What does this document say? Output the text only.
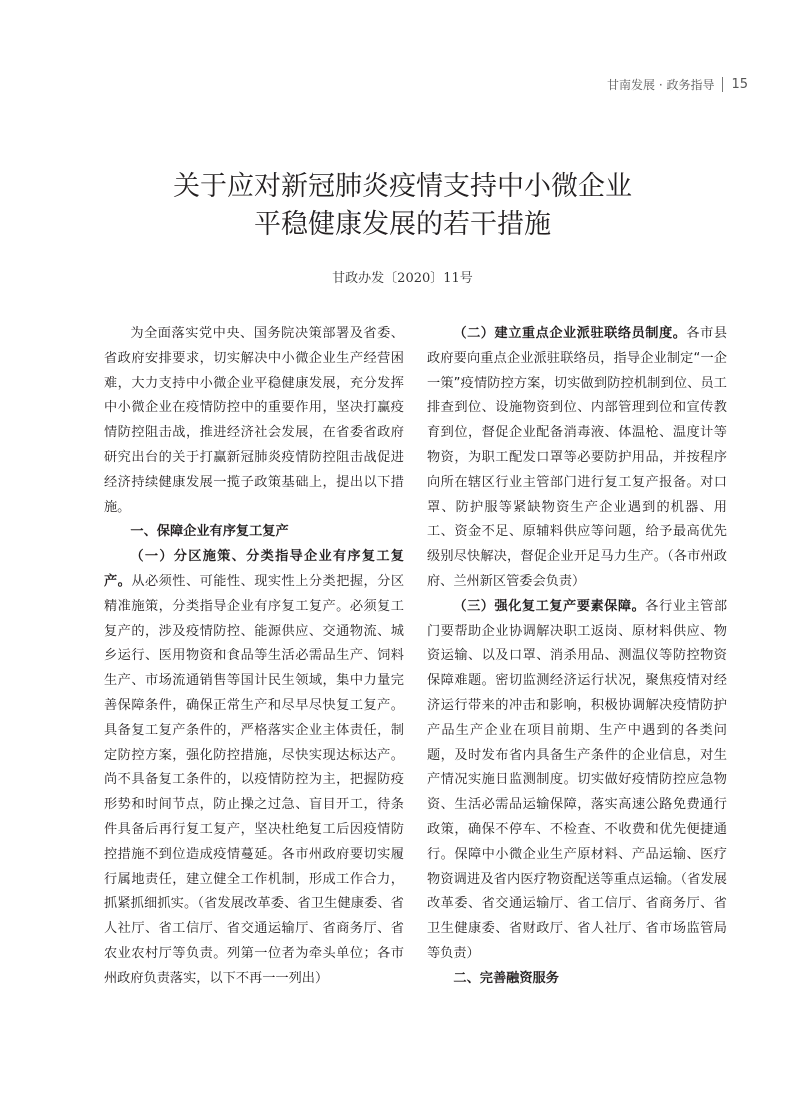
甘南发展 · 政务指导 15
关于应对新冠肺炎疫情支持中小微企业
平稳健康发展的若干措施
甘政办发〔2020〕11号

为全面落实党中央、国务院决策部署及省委、省政府安排要求，切实解决中小微企业生产经营困难，大力支持中小微企业平稳健康发展，充分发挥中小微企业在疫情防控中的重要作用，坚决打赢疫情防控阻击战，推进经济社会发展，在省委省政府研究出台的关于打赢新冠肺炎疫情防控阻击战促进经济持续健康发展一揽子政策基础上，提出以下措施。

一、保障企业有序复工复产

（一）分区施策、分类指导企业有序复工复产。从必须性、可能性、现实性上分类把握，分区精准施策，分类指导企业有序复工复产。必须复工复产的，涉及疫情防控、能源供应、交通物流、城乡运行、医用物资和食品等生活必需品生产、饲料生产、市场流通销售等国计民生领域，集中力量完善保障条件，确保正常生产和尽早尽快复工复产。具备复工复产条件的，严格落实企业主体责任，制定防控方案，强化防控措施，尽快实现达标达产。尚不具备复工条件的，以疫情防控为主，把握防疫形势和时间节点，防止操之过急、盲目开工，待条件具备后再行复工复产，坚决杜绝复工后因疫情防控措施不到位造成疫情蔓延。各市州政府要切实履行属地责任，建立健全工作机制，形成工作合力，抓紧抓细抓实。（省发展改革委、省卫生健康委、省人社厅、省工信厅、省交通运输厅、省商务厅、省农业农村厅等负责。列第一位者为牵头单位；各市州政府负责落实，以下不再一一列出）

（二）建立重点企业派驻联络员制度。各市县政府要向重点企业派驻联络员，指导企业制定“一企一策”疫情防控方案，切实做到防控机制到位、员工排查到位、设施物资到位、内部管理到位和宣传教育到位，督促企业配备消毒液、体温枪、温度计等物资，为职工配发口罩等必要防护用品，并按程序向所在辖区行业主管部门进行复工复产报备。对口罩、防护服等紧缺物资生产企业遇到的机器、用工、资金不足、原辅料供应等问题，给予最高优先级别尽快解决，督促企业开足马力生产。（各市州政府、兰州新区管委会负责）

（三）强化复工复产要素保障。各行业主管部门要帮助企业协调解决职工返岗、原材料供应、物资运输、以及口罩、消杀用品、测温仪等防控物资保障难题。密切监测经济运行状况，聚焦疫情对经济运行带来的冲击和影响，积极协调解决疫情防护产品生产企业在项目前期、生产中遇到的各类问题，及时发布省内具备生产条件的企业信息，对生产情况实施日监测制度。切实做好疫情防控应急物资、生活必需品运输保障，落实高速公路免费通行政策，确保不停车、不检查、不收费和优先便捷通行。保障中小微企业生产原材料、产品运输、医疗物资调进及省内医疗物资配送等重点运输。（省发展改革委、省交通运输厅、省工信厅、省商务厅、省卫生健康委、省财政厅、省人社厅、省市场监管局等负责）

二、完善融资服务
